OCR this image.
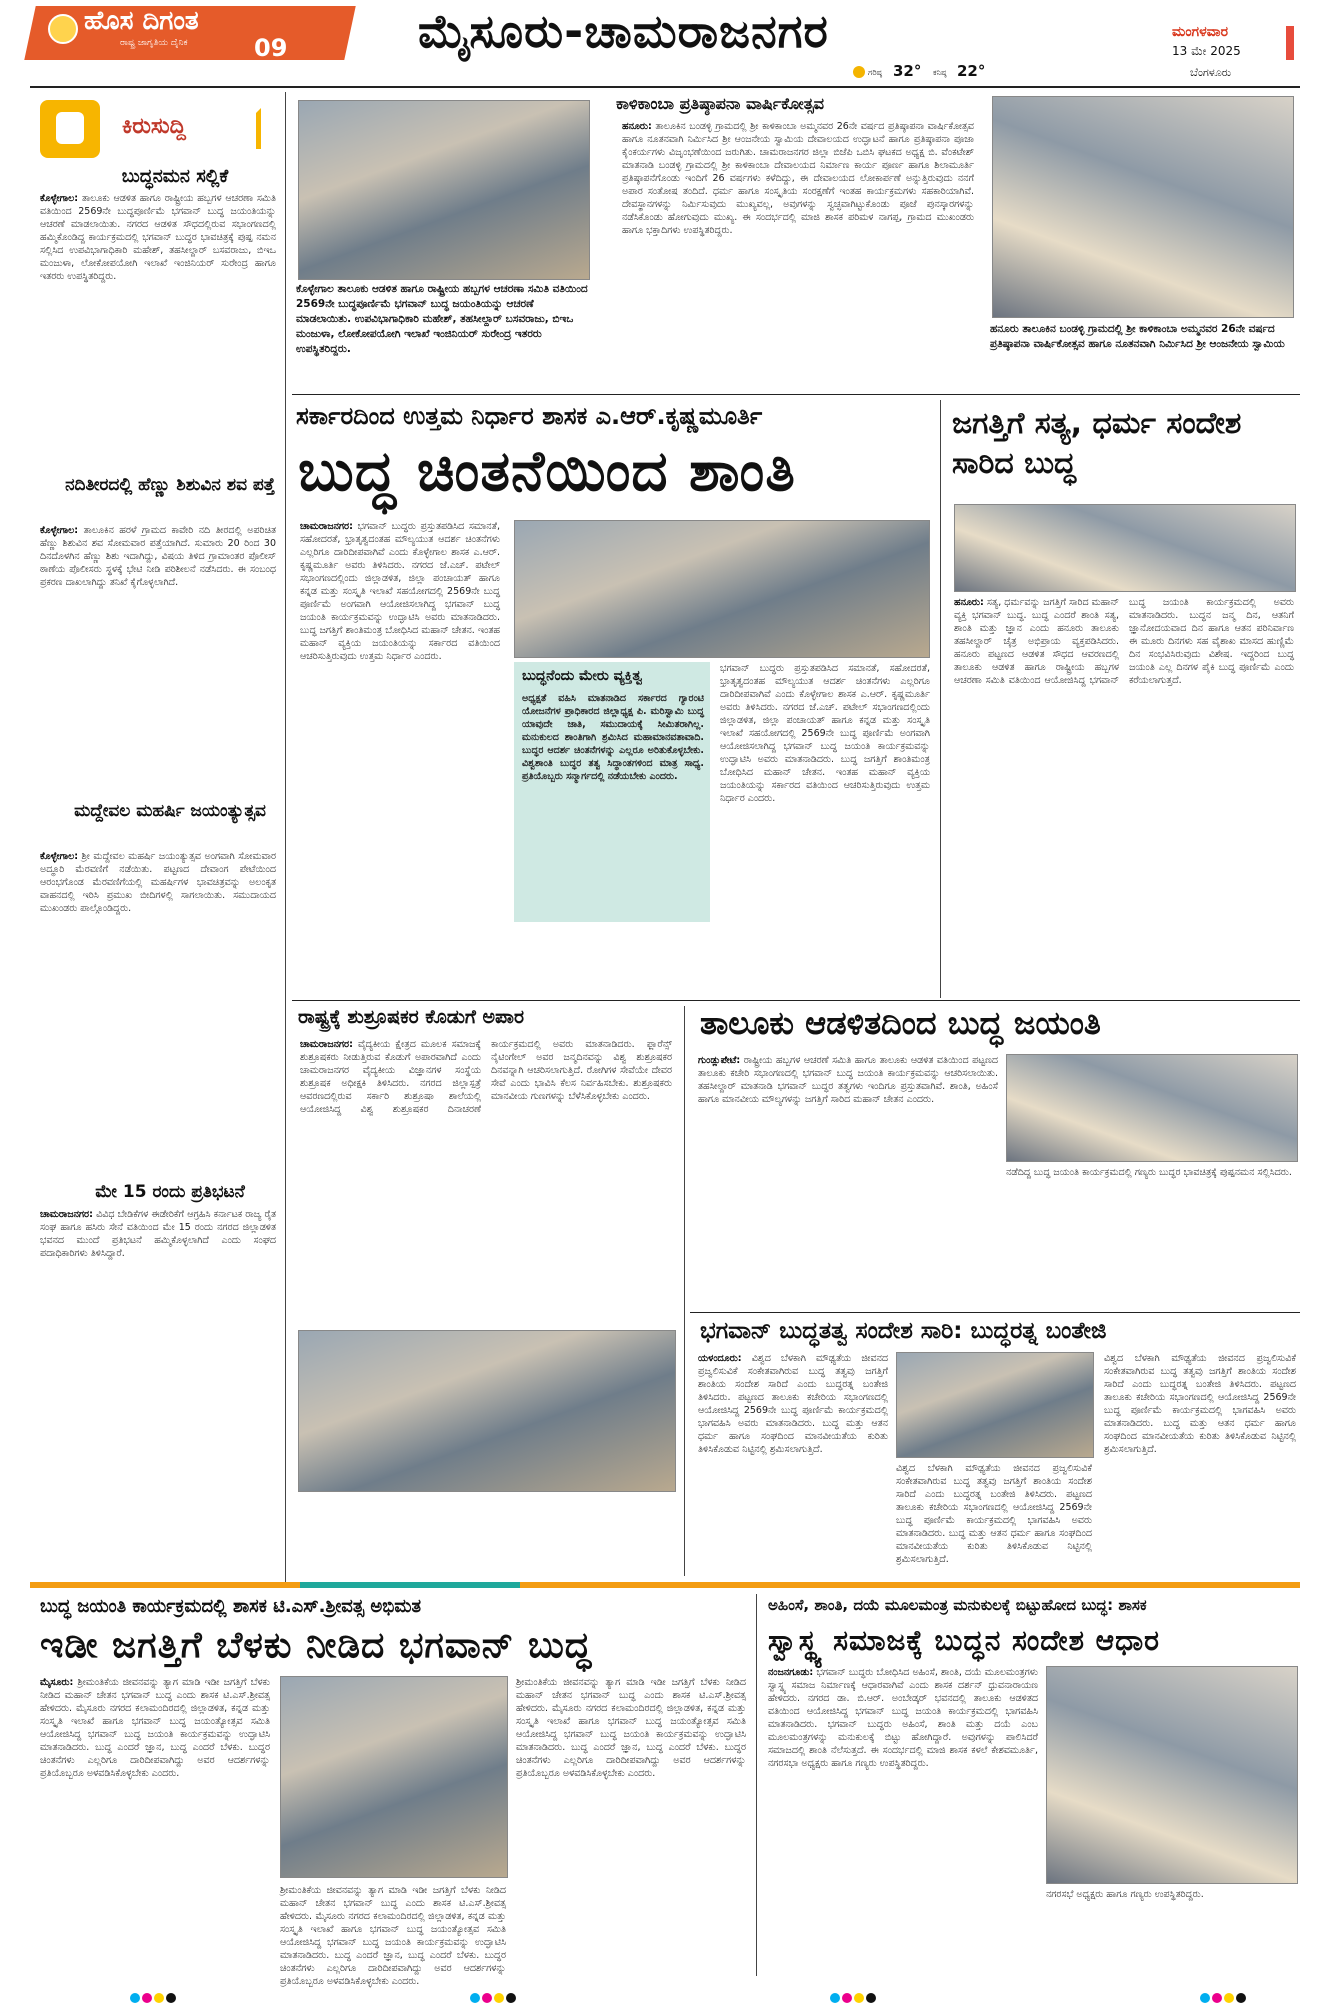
ಹೊಸ ದಿಗಂತ
ರಾಷ್ಟ್ರ ಜಾಗೃತಿಯ ದೈನಿಕ	09	ಮೈಸೂರು-ಚಾಮರಾಜನಗರ
ಗರಿಷ್ಠ 32° ಕನಿಷ್ಠ 22°
ಮಂಗಳವಾರ
13 ಮೇ 2025
ಬೆಂಗಳೂರು
ಕಿರುಸುದ್ದಿ
ಬುದ್ಧನಮನ ಸಲ್ಲಿಕೆ
ಕೊಳ್ಳೇಗಾಲ: ತಾಲೂಕು ಆಡಳಿತ ಹಾಗೂ ರಾಷ್ಟ್ರೀಯ ಹಬ್ಬಗಳ ಆಚರಣಾ ಸಮಿತಿ ವತಿಯಿಂದ 2569ನೇ ಬುದ್ಧಪೂರ್ಣಿಮೆ ಭಗವಾನ್ ಬುದ್ಧ ಜಯಂತಿಯನ್ನು ಆಚರಣೆ ಮಾಡಲಾಯಿತು. ನಗರದ ಆಡಳಿತ ಸೌಧದಲ್ಲಿರುವ ಸಭಾಂಗಣದಲ್ಲಿ ಹಮ್ಮಿಕೊಂಡಿದ್ದ ಕಾರ್ಯಕ್ರಮದಲ್ಲಿ ಭಗವಾನ್ ಬುದ್ಧರ ಭಾವಚಿತ್ರಕ್ಕೆ ಪುಷ್ಪ ನಮನ ಸಲ್ಲಿಸಿದ ಉಪವಿಭಾಗಾಧಿಕಾರಿ ಮಹೇಶ್, ತಹಸೀಲ್ದಾರ್ ಬಸವರಾಜು, ಬಿಇಒ ಮಂಜುಳಾ, ಲೋಕೋಪಯೋಗಿ ಇಲಾಖೆ ಇಂಜಿನಿಯರ್ ಸುರೇಂದ್ರ ಹಾಗೂ ಇತರರು ಉಪಸ್ಥಿತರಿದ್ದರು.
ನದಿತೀರದಲ್ಲಿ ಹೆಣ್ಣು ಶಿಶುವಿನ ಶವ ಪತ್ತೆ
ಕೊಳ್ಳೇಗಾಲ: ತಾಲೂಕಿನ ಹರಳೆ ಗ್ರಾಮದ ಕಾವೇರಿ ನದಿ ತೀರದಲ್ಲಿ ಅಪರಿಚಿತ ಹೆಣ್ಣು ಶಿಶುವಿನ ಶವ ಸೋಮವಾರ ಪತ್ತೆಯಾಗಿದೆ. ಸುಮಾರು 20 ರಿಂದ 30 ದಿನದೊಳಗಿನ ಹೆಣ್ಣು ಶಿಶು ಇದಾಗಿದ್ದು, ವಿಷಯ ತಿಳಿದ ಗ್ರಾಮಾಂತರ ಪೊಲೀಸ್ ಠಾಣೆಯ ಪೊಲೀಸರು ಸ್ಥಳಕ್ಕೆ ಭೇಟಿ ನೀಡಿ ಪರಿಶೀಲನೆ ನಡೆಸಿದರು. ಈ ಸಂಬಂಧ ಪ್ರಕರಣ ದಾಖಲಾಗಿದ್ದು ತನಿಖೆ ಕೈಗೊಳ್ಳಲಾಗಿದೆ.
ಮದ್ದೇವಲ ಮಹರ್ಷಿ ಜಯಂತ್ಯುತ್ಸವ
ಕೊಳ್ಳೇಗಾಲ: ಶ್ರೀ ಮದ್ದೇವಲ ಮಹರ್ಷಿ ಜಯಂತ್ಯುತ್ಸವ ಅಂಗವಾಗಿ ಸೋಮವಾರ ಅದ್ಧೂರಿ ಮೆರವಣಿಗೆ ನಡೆಯಿತು. ಪಟ್ಟಣದ ದೇವಾಂಗ ಪೇಟೆಯಿಂದ ಆರಂಭಗೊಂಡ ಮೆರವಣಿಗೆಯಲ್ಲಿ ಮಹರ್ಷಿಗಳ ಭಾವಚಿತ್ರವನ್ನು ಅಲಂಕೃತ ವಾಹನದಲ್ಲಿ ಇರಿಸಿ ಪ್ರಮುಖ ಬೀದಿಗಳಲ್ಲಿ ಸಾಗಲಾಯಿತು. ಸಮುದಾಯದ ಮುಖಂಡರು ಪಾಲ್ಗೊಂಡಿದ್ದರು.
ಮೇ 15 ರಂದು ಪ್ರತಿಭಟನೆ
ಚಾಮರಾಜನಗರ: ವಿವಿಧ ಬೇಡಿಕೆಗಳ ಈಡೇರಿಕೆಗೆ ಆಗ್ರಹಿಸಿ ಕರ್ನಾಟಕ ರಾಜ್ಯ ರೈತ ಸಂಘ ಹಾಗೂ ಹಸಿರು ಸೇನೆ ವತಿಯಿಂದ ಮೇ 15 ರಂದು ನಗರದ ಜಿಲ್ಲಾಡಳಿತ ಭವನದ ಮುಂದೆ ಪ್ರತಿಭಟನೆ ಹಮ್ಮಿಕೊಳ್ಳಲಾಗಿದೆ ಎಂದು ಸಂಘದ ಪದಾಧಿಕಾರಿಗಳು ತಿಳಿಸಿದ್ದಾರೆ.
ಕೊಳ್ಳೇಗಾಲ ತಾಲೂಕು ಆಡಳಿತ ಹಾಗೂ ರಾಷ್ಟ್ರೀಯ ಹಬ್ಬಗಳ ಆಚರಣಾ ಸಮಿತಿ ವತಿಯಿಂದ 2569ನೇ ಬುದ್ಧಪೂರ್ಣಿಮೆ ಭಗವಾನ್ ಬುದ್ಧ ಜಯಂತಿಯನ್ನು ಆಚರಣೆ ಮಾಡಲಾಯಿತು. ಉಪವಿಭಾಗಾಧಿಕಾರಿ ಮಹೇಶ್, ತಹಸೀಲ್ದಾರ್ ಬಸವರಾಜು, ಬಿಇಒ ಮಂಜುಳಾ, ಲೋಕೋಪಯೋಗಿ ಇಲಾಖೆ ಇಂಜಿನಿಯರ್ ಸುರೇಂದ್ರ ಇತರರು ಉಪಸ್ಥಿತರಿದ್ದರು.
ಕಾಳಿಕಾಂಬಾ ಪ್ರತಿಷ್ಠಾಪನಾ ವಾರ್ಷಿಕೋತ್ಸವ
ಹನೂರು: ತಾಲೂಕಿನ ಬಂಡಳ್ಳಿ ಗ್ರಾಮದಲ್ಲಿ ಶ್ರೀ ಕಾಳಿಕಾಂಬಾ ಅಮ್ಮನವರ 26ನೇ ವರ್ಷದ ಪ್ರತಿಷ್ಠಾಪನಾ ವಾರ್ಷಿಕೋತ್ಸವ ಹಾಗೂ ನೂತನವಾಗಿ ನಿರ್ಮಿಸಿದ ಶ್ರೀ ಆಂಜನೇಯ ಸ್ವಾಮಿಯ ದೇವಾಲಯದ ಉದ್ಘಾಟನೆ ಹಾಗೂ ಪ್ರತಿಷ್ಠಾಪನಾ ಪೂಜಾ ಕೈಂಕರ್ಯಗಳು ವಿಜೃಂಭಣೆಯಿಂದ ಜರುಗಿತು. ಚಾಮರಾಜನಗರ ಜಿಲ್ಲಾ ಬಿಜೆಪಿ ಒಬಿಸಿ ಘಟಕದ ಅಧ್ಯಕ್ಷ ಬಿ. ವೆಂಕಟೇಶ್ ಮಾತನಾಡಿ ಬಂಡಳ್ಳಿ ಗ್ರಾಮದಲ್ಲಿ ಶ್ರೀ ಕಾಳಿಕಾಂಬಾ ದೇವಾಲಯದ ನಿರ್ಮಾಣ ಕಾರ್ಯ ಪೂರ್ಣ ಹಾಗೂ ಶಿಲಾಮೂರ್ತಿ ಪ್ರತಿಷ್ಠಾಪನೆಗೊಂಡು ಇಂದಿಗೆ 26 ವರ್ಷಗಳು ಕಳೆದಿದ್ದು, ಈ ದೇವಾಲಯದ ಲೋಕಾರ್ಪಣೆ ಅನ್ನುತ್ತಿರುವುದು ನನಗೆ ಅಪಾರ ಸಂತೋಷ ತಂದಿದೆ. ಧರ್ಮ ಹಾಗೂ ಸಂಸ್ಕೃತಿಯ ಸಂರಕ್ಷಣೆಗೆ ಇಂತಹ ಕಾರ್ಯಕ್ರಮಗಳು ಸಹಕಾರಿಯಾಗಿವೆ. ದೇವಸ್ಥಾನಗಳನ್ನು ನಿರ್ಮಿಸುವುದು ಮುಖ್ಯವಲ್ಲ, ಅವುಗಳನ್ನು ಸ್ವಚ್ಛವಾಗಿಟ್ಟುಕೊಂಡು ಪೂಜೆ ಪುನಸ್ಕಾರಗಳನ್ನು ನಡೆಸಿಕೊಂಡು ಹೋಗುವುದು ಮುಖ್ಯ. ಈ ಸಂದರ್ಭದಲ್ಲಿ ಮಾಜಿ ಶಾಸಕ ಪರಿಮಳ ನಾಗಪ್ಪ, ಗ್ರಾಮದ ಮುಖಂಡರು ಹಾಗೂ ಭಕ್ತಾದಿಗಳು ಉಪಸ್ಥಿತರಿದ್ದರು.
ಹನೂರು ತಾಲೂಕಿನ ಬಂಡಳ್ಳಿ ಗ್ರಾಮದಲ್ಲಿ ಶ್ರೀ ಕಾಳಿಕಾಂಬಾ ಅಮ್ಮನವರ 26ನೇ ವರ್ಷದ ಪ್ರತಿಷ್ಠಾಪನಾ ವಾರ್ಷಿಕೋತ್ಸವ ಹಾಗೂ ನೂತನವಾಗಿ ನಿರ್ಮಿಸಿದ ಶ್ರೀ ಆಂಜನೇಯ ಸ್ವಾಮಿಯ
ಸರ್ಕಾರದಿಂದ ಉತ್ತಮ ನಿರ್ಧಾರ ಶಾಸಕ ಎ.ಆರ್.ಕೃಷ್ಣಮೂರ್ತಿ
ಬುದ್ಧ ಚಿಂತನೆಯಿಂದ ಶಾಂತಿ
ಚಾಮರಾಜನಗರ: ಭಗವಾನ್ ಬುದ್ಧರು ಪ್ರಸ್ತುತಪಡಿಸಿದ ಸಮಾನತೆ, ಸಹೋದರತೆ, ಭ್ರಾತೃತ್ವದಂತಹ ಮೌಲ್ಯಯುತ ಆದರ್ಶ ಚಿಂತನೆಗಳು ಎಲ್ಲರಿಗೂ ದಾರಿದೀಪವಾಗಿವೆ ಎಂದು ಕೊಳ್ಳೇಗಾಲ ಶಾಸಕ ಎ.ಆರ್. ಕೃಷ್ಣಮೂರ್ತಿ ಅವರು ತಿಳಿಸಿದರು. ನಗರದ ಜೆ.ಎಚ್. ಪಟೇಲ್ ಸಭಾಂಗಣದಲ್ಲಿಂದು ಜಿಲ್ಲಾಡಳಿತ, ಜಿಲ್ಲಾ ಪಂಚಾಯತ್ ಹಾಗೂ ಕನ್ನಡ ಮತ್ತು ಸಂಸ್ಕೃತಿ ಇಲಾಖೆ ಸಹಯೋಗದಲ್ಲಿ 2569ನೇ ಬುದ್ಧ ಪೂರ್ಣಿಮೆ ಅಂಗವಾಗಿ ಆಯೋಜಿಸಲಾಗಿದ್ದ ಭಗವಾನ್ ಬುದ್ಧ ಜಯಂತಿ ಕಾರ್ಯಕ್ರಮವನ್ನು ಉದ್ಘಾಟಿಸಿ ಅವರು ಮಾತನಾಡಿದರು. ಬುದ್ಧ ಜಗತ್ತಿಗೆ ಶಾಂತಿಮಂತ್ರ ಬೋಧಿಸಿದ ಮಹಾನ್ ಚೇತನ. ಇಂತಹ ಮಹಾನ್ ವ್ಯಕ್ತಿಯ ಜಯಂತಿಯನ್ನು ಸರ್ಕಾರದ ವತಿಯಿಂದ ಆಚರಿಸುತ್ತಿರುವುದು ಉತ್ತಮ ನಿರ್ಧಾರ ಎಂದರು.
ಬುದ್ಧನೆಂದು ಮೇರು ವ್ಯಕ್ತಿತ್ವ
ಅಧ್ಯಕ್ಷತೆ ವಹಿಸಿ ಮಾತನಾಡಿದ ಸರ್ಕಾರದ ಗ್ಯಾರಂಟಿ ಯೋಜನೆಗಳ ಪ್ರಾಧಿಕಾರದ ಜಿಲ್ಲಾಧ್ಯಕ್ಷ ಪಿ. ಮರಿಸ್ವಾಮಿ ಬುದ್ಧ ಯಾವುದೇ ಜಾತಿ, ಸಮುದಾಯಕ್ಕೆ ಸೀಮಿತರಾಗಿಲ್ಲ. ಮನುಕುಲದ ಶಾಂತಿಗಾಗಿ ಶ್ರಮಿಸಿದ ಮಹಾಮಾನವತಾವಾದಿ. ಬುದ್ಧರ ಆದರ್ಶ ಚಿಂತನೆಗಳನ್ನು ಎಲ್ಲರೂ ಅರಿತುಕೊಳ್ಳಬೇಕು. ವಿಶ್ವಶಾಂತಿ ಬುದ್ಧರ ತತ್ವ ಸಿದ್ಧಾಂತಗಳಿಂದ ಮಾತ್ರ ಸಾಧ್ಯ. ಪ್ರತಿಯೊಬ್ಬರು ಸನ್ಮಾರ್ಗದಲ್ಲಿ ನಡೆಯಬೇಕು ಎಂದರು.
ಭಗವಾನ್ ಬುದ್ಧರು ಪ್ರಸ್ತುತಪಡಿಸಿದ ಸಮಾನತೆ, ಸಹೋದರತೆ, ಭ್ರಾತೃತ್ವದಂತಹ ಮೌಲ್ಯಯುತ ಆದರ್ಶ ಚಿಂತನೆಗಳು ಎಲ್ಲರಿಗೂ ದಾರಿದೀಪವಾಗಿವೆ ಎಂದು ಕೊಳ್ಳೇಗಾಲ ಶಾಸಕ ಎ.ಆರ್. ಕೃಷ್ಣಮೂರ್ತಿ ಅವರು ತಿಳಿಸಿದರು. ನಗರದ ಜೆ.ಎಚ್. ಪಟೇಲ್ ಸಭಾಂಗಣದಲ್ಲಿಂದು ಜಿಲ್ಲಾಡಳಿತ, ಜಿಲ್ಲಾ ಪಂಚಾಯತ್ ಹಾಗೂ ಕನ್ನಡ ಮತ್ತು ಸಂಸ್ಕೃತಿ ಇಲಾಖೆ ಸಹಯೋಗದಲ್ಲಿ 2569ನೇ ಬುದ್ಧ ಪೂರ್ಣಿಮೆ ಅಂಗವಾಗಿ ಆಯೋಜಿಸಲಾಗಿದ್ದ ಭಗವಾನ್ ಬುದ್ಧ ಜಯಂತಿ ಕಾರ್ಯಕ್ರಮವನ್ನು ಉದ್ಘಾಟಿಸಿ ಅವರು ಮಾತನಾಡಿದರು. ಬುದ್ಧ ಜಗತ್ತಿಗೆ ಶಾಂತಿಮಂತ್ರ ಬೋಧಿಸಿದ ಮಹಾನ್ ಚೇತನ. ಇಂತಹ ಮಹಾನ್ ವ್ಯಕ್ತಿಯ ಜಯಂತಿಯನ್ನು ಸರ್ಕಾರದ ವತಿಯಿಂದ ಆಚರಿಸುತ್ತಿರುವುದು ಉತ್ತಮ ನಿರ್ಧಾರ ಎಂದರು.
ಜಗತ್ತಿಗೆ ಸತ್ಯ, ಧರ್ಮ ಸಂದೇಶ ಸಾರಿದ ಬುದ್ಧ
ಹನೂರು: ಸತ್ಯ, ಧರ್ಮವನ್ನು ಜಗತ್ತಿಗೆ ಸಾರಿದ ಮಹಾನ್ ವ್ಯಕ್ತಿ ಭಗವಾನ್ ಬುದ್ಧ. ಬುದ್ಧ ಎಂದರೆ ಶಾಂತಿ ಸತ್ಯ, ಶಾಂತಿ ಮತ್ತು ಜ್ಞಾನ ಎಂದು ಹನೂರು ತಾಲೂಕು ತಹಸೀಲ್ದಾರ್ ಚೈತ್ರ ಅಭಿಪ್ರಾಯ ವ್ಯಕ್ತಪಡಿಸಿದರು. ಹನೂರು ಪಟ್ಟಣದ ಆಡಳಿತ ಸೌಧದ ಆವರಣದಲ್ಲಿ ತಾಲೂಕು ಆಡಳಿತ ಹಾಗೂ ರಾಷ್ಟ್ರೀಯ ಹಬ್ಬಗಳ ಆಚರಣಾ ಸಮಿತಿ ವತಿಯಿಂದ ಆಯೋಜಿಸಿದ್ದ ಭಗವಾನ್ ಬುದ್ಧ ಜಯಂತಿ ಕಾರ್ಯಕ್ರಮದಲ್ಲಿ ಅವರು ಮಾತನಾಡಿದರು. ಬುದ್ಧನ ಜನ್ಮ ದಿನ, ಆತನಿಗೆ ಜ್ಞಾನೋದಯವಾದ ದಿನ ಹಾಗೂ ಆತನ ಪರಿನಿರ್ವಾಣ ಈ ಮೂರು ದಿನಗಳು ಸಹ ವೈಶಾಖ ಮಾಸದ ಹುಣ್ಣಿಮೆ ದಿನ ಸಂಭವಿಸಿರುವುದು ವಿಶೇಷ. ಇದ್ದರಿಂದ ಬುದ್ಧ ಜಯಂತಿ ಎಲ್ಲ ದಿನಗಳ ಪೈಕಿ ಬುದ್ಧ ಪೂರ್ಣಿಮೆ ಎಂದು ಕರೆಯಲಾಗುತ್ತದೆ.
ರಾಷ್ಟ್ರಕ್ಕೆ ಶುಶ್ರೂಷಕರ ಕೊಡುಗೆ ಅಪಾರ
ಚಾಮರಾಜನಗರ: ವೈದ್ಯಕೀಯ ಕ್ಷೇತ್ರದ ಮೂಲಕ ಸಮಾಜಕ್ಕೆ ಶುಶ್ರೂಷಕರು ನೀಡುತ್ತಿರುವ ಕೊಡುಗೆ ಅಪಾರವಾಗಿದೆ ಎಂದು ಚಾಮರಾಜನಗರ ವೈದ್ಯಕೀಯ ವಿಜ್ಞಾನಗಳ ಸಂಸ್ಥೆಯ ಶುಶ್ರೂಷಕ ಅಧೀಕ್ಷಕಿ ತಿಳಿಸಿದರು. ನಗರದ ಜಿಲ್ಲಾಸ್ಪತ್ರೆ ಆವರಣದಲ್ಲಿರುವ ಸರ್ಕಾರಿ ಶುಶ್ರೂಷಾ ಶಾಲೆಯಲ್ಲಿ ಆಯೋಜಿಸಿದ್ದ ವಿಶ್ವ ಶುಶ್ರೂಷಕರ ದಿನಾಚರಣೆ ಕಾರ್ಯಕ್ರಮದಲ್ಲಿ ಅವರು ಮಾತನಾಡಿದರು. ಫ್ಲಾರೆನ್ಸ್ ನೈಟಿಂಗೇಲ್ ಅವರ ಜನ್ಮದಿನವನ್ನು ವಿಶ್ವ ಶುಶ್ರೂಷಕರ ದಿನವನ್ನಾಗಿ ಆಚರಿಸಲಾಗುತ್ತಿದೆ. ರೋಗಿಗಳ ಸೇವೆಯೇ ದೇವರ ಸೇವೆ ಎಂದು ಭಾವಿಸಿ ಕೆಲಸ ನಿರ್ವಹಿಸಬೇಕು. ಶುಶ್ರೂಷಕರು ಮಾನವೀಯ ಗುಣಗಳನ್ನು ಬೆಳೆಸಿಕೊಳ್ಳಬೇಕು ಎಂದರು.
ತಾಲೂಕು ಆಡಳಿತದಿಂದ ಬುದ್ಧ ಜಯಂತಿ
ಗುಂಡ್ಲುಪೇಟೆ: ರಾಷ್ಟ್ರೀಯ ಹಬ್ಬಗಳ ಆಚರಣೆ ಸಮಿತಿ ಹಾಗೂ ತಾಲೂಕು ಆಡಳಿತ ವತಿಯಿಂದ ಪಟ್ಟಣದ ತಾಲೂಕು ಕಚೇರಿ ಸಭಾಂಗಣದಲ್ಲಿ ಭಗವಾನ್ ಬುದ್ಧ ಜಯಂತಿ ಕಾರ್ಯಕ್ರಮವನ್ನು ಆಚರಿಸಲಾಯಿತು. ತಹಸೀಲ್ದಾರ್ ಮಾತನಾಡಿ ಭಗವಾನ್ ಬುದ್ಧರ ತತ್ವಗಳು ಇಂದಿಗೂ ಪ್ರಸ್ತುತವಾಗಿವೆ. ಶಾಂತಿ, ಅಹಿಂಸೆ ಹಾಗೂ ಮಾನವೀಯ ಮೌಲ್ಯಗಳನ್ನು ಜಗತ್ತಿಗೆ ಸಾರಿದ ಮಹಾನ್ ಚೇತನ ಎಂದರು.
ನಡೆದಿದ್ದ ಬುದ್ಧ ಜಯಂತಿ ಕಾರ್ಯಕ್ರಮದಲ್ಲಿ ಗಣ್ಯರು ಬುದ್ಧರ ಭಾವಚಿತ್ರಕ್ಕೆ ಪುಷ್ಪನಮನ ಸಲ್ಲಿಸಿದರು.
ಭಗವಾನ್ ಬುದ್ಧತತ್ವ ಸಂದೇಶ ಸಾರಿ: ಬುದ್ಧರತ್ನ ಬಂತೇಜಿ
ಯಳಂದೂರು: ವಿಶ್ವದ ಬೆಳಕಾಗಿ ಮೌಢ್ಯತೆಯ ಜೀವನದ ಪ್ರಜ್ವಲಿಸುವಿಕೆ ಸಂಕೇತವಾಗಿರುವ ಬುದ್ಧ ತತ್ವವು ಜಗತ್ತಿಗೆ ಶಾಂತಿಯ ಸಂದೇಶ ಸಾರಿದೆ ಎಂದು ಬುದ್ಧರತ್ನ ಬಂತೇಜಿ ತಿಳಿಸಿದರು. ಪಟ್ಟಣದ ತಾಲೂಕು ಕಚೇರಿಯ ಸಭಾಂಗಣದಲ್ಲಿ ಆಯೋಜಿಸಿದ್ದ 2569ನೇ ಬುದ್ಧ ಪೂರ್ಣಿಮೆ ಕಾರ್ಯಕ್ರಮದಲ್ಲಿ ಭಾಗವಹಿಸಿ ಅವರು ಮಾತನಾಡಿದರು. ಬುದ್ಧ ಮತ್ತು ಆತನ ಧರ್ಮ ಹಾಗೂ ಸಂಘದಿಂದ ಮಾನವೀಯತೆಯ ಕುರಿತು ತಿಳಿಸಿಕೊಡುವ ನಿಟ್ಟಿನಲ್ಲಿ ಶ್ರಮಿಸಲಾಗುತ್ತಿದೆ.
ವಿಶ್ವದ ಬೆಳಕಾಗಿ ಮೌಢ್ಯತೆಯ ಜೀವನದ ಪ್ರಜ್ವಲಿಸುವಿಕೆ ಸಂಕೇತವಾಗಿರುವ ಬುದ್ಧ ತತ್ವವು ಜಗತ್ತಿಗೆ ಶಾಂತಿಯ ಸಂದೇಶ ಸಾರಿದೆ ಎಂದು ಬುದ್ಧರತ್ನ ಬಂತೇಜಿ ತಿಳಿಸಿದರು. ಪಟ್ಟಣದ ತಾಲೂಕು ಕಚೇರಿಯ ಸಭಾಂಗಣದಲ್ಲಿ ಆಯೋಜಿಸಿದ್ದ 2569ನೇ ಬುದ್ಧ ಪೂರ್ಣಿಮೆ ಕಾರ್ಯಕ್ರಮದಲ್ಲಿ ಭಾಗವಹಿಸಿ ಅವರು ಮಾತನಾಡಿದರು. ಬುದ್ಧ ಮತ್ತು ಆತನ ಧರ್ಮ ಹಾಗೂ ಸಂಘದಿಂದ ಮಾನವೀಯತೆಯ ಕುರಿತು ತಿಳಿಸಿಕೊಡುವ ನಿಟ್ಟಿನಲ್ಲಿ ಶ್ರಮಿಸಲಾಗುತ್ತಿದೆ.
ವಿಶ್ವದ ಬೆಳಕಾಗಿ ಮೌಢ್ಯತೆಯ ಜೀವನದ ಪ್ರಜ್ವಲಿಸುವಿಕೆ ಸಂಕೇತವಾಗಿರುವ ಬುದ್ಧ ತತ್ವವು ಜಗತ್ತಿಗೆ ಶಾಂತಿಯ ಸಂದೇಶ ಸಾರಿದೆ ಎಂದು ಬುದ್ಧರತ್ನ ಬಂತೇಜಿ ತಿಳಿಸಿದರು. ಪಟ್ಟಣದ ತಾಲೂಕು ಕಚೇರಿಯ ಸಭಾಂಗಣದಲ್ಲಿ ಆಯೋಜಿಸಿದ್ದ 2569ನೇ ಬುದ್ಧ ಪೂರ್ಣಿಮೆ ಕಾರ್ಯಕ್ರಮದಲ್ಲಿ ಭಾಗವಹಿಸಿ ಅವರು ಮಾತನಾಡಿದರು. ಬುದ್ಧ ಮತ್ತು ಆತನ ಧರ್ಮ ಹಾಗೂ ಸಂಘದಿಂದ ಮಾನವೀಯತೆಯ ಕುರಿತು ತಿಳಿಸಿಕೊಡುವ ನಿಟ್ಟಿನಲ್ಲಿ ಶ್ರಮಿಸಲಾಗುತ್ತಿದೆ.
ಬುದ್ಧ ಜಯಂತಿ ಕಾರ್ಯಕ್ರಮದಲ್ಲಿ ಶಾಸಕ ಟಿ.ಎಸ್.ಶ್ರೀವತ್ಸ ಅಭಿಮತ
ಇಡೀ ಜಗತ್ತಿಗೆ ಬೆಳಕು ನೀಡಿದ ಭಗವಾನ್ ಬುದ್ಧ
ಮೈಸೂರು: ಶ್ರೀಮಂತಿಕೆಯ ಜೀವನವನ್ನು ತ್ಯಾಗ ಮಾಡಿ ಇಡೀ ಜಗತ್ತಿಗೆ ಬೆಳಕು ನೀಡಿದ ಮಹಾನ್ ಚೇತನ ಭಗವಾನ್ ಬುದ್ಧ ಎಂದು ಶಾಸಕ ಟಿ.ಎಸ್.ಶ್ರೀವತ್ಸ ಹೇಳಿದರು. ಮೈಸೂರು ನಗರದ ಕಲಾಮಂದಿರದಲ್ಲಿ ಜಿಲ್ಲಾಡಳಿತ, ಕನ್ನಡ ಮತ್ತು ಸಂಸ್ಕೃತಿ ಇಲಾಖೆ ಹಾಗೂ ಭಗವಾನ್ ಬುದ್ಧ ಜಯಂತ್ಯೋತ್ಸವ ಸಮಿತಿ ಆಯೋಜಿಸಿದ್ದ ಭಗವಾನ್ ಬುದ್ಧ ಜಯಂತಿ ಕಾರ್ಯಕ್ರಮವನ್ನು ಉದ್ಘಾಟಿಸಿ ಮಾತನಾಡಿದರು. ಬುದ್ಧ ಎಂದರೆ ಜ್ಞಾನ, ಬುದ್ಧ ಎಂದರೆ ಬೆಳಕು. ಬುದ್ಧರ ಚಿಂತನೆಗಳು ಎಲ್ಲರಿಗೂ ದಾರಿದೀಪವಾಗಿದ್ದು ಅವರ ಆದರ್ಶಗಳನ್ನು ಪ್ರತಿಯೊಬ್ಬರೂ ಅಳವಡಿಸಿಕೊಳ್ಳಬೇಕು ಎಂದರು.
ಶ್ರೀಮಂತಿಕೆಯ ಜೀವನವನ್ನು ತ್ಯಾಗ ಮಾಡಿ ಇಡೀ ಜಗತ್ತಿಗೆ ಬೆಳಕು ನೀಡಿದ ಮಹಾನ್ ಚೇತನ ಭಗವಾನ್ ಬುದ್ಧ ಎಂದು ಶಾಸಕ ಟಿ.ಎಸ್.ಶ್ರೀವತ್ಸ ಹೇಳಿದರು. ಮೈಸೂರು ನಗರದ ಕಲಾಮಂದಿರದಲ್ಲಿ ಜಿಲ್ಲಾಡಳಿತ, ಕನ್ನಡ ಮತ್ತು ಸಂಸ್ಕೃತಿ ಇಲಾಖೆ ಹಾಗೂ ಭಗವಾನ್ ಬುದ್ಧ ಜಯಂತ್ಯೋತ್ಸವ ಸಮಿತಿ ಆಯೋಜಿಸಿದ್ದ ಭಗವಾನ್ ಬುದ್ಧ ಜಯಂತಿ ಕಾರ್ಯಕ್ರಮವನ್ನು ಉದ್ಘಾಟಿಸಿ ಮಾತನಾಡಿದರು. ಬುದ್ಧ ಎಂದರೆ ಜ್ಞಾನ, ಬುದ್ಧ ಎಂದರೆ ಬೆಳಕು. ಬುದ್ಧರ ಚಿಂತನೆಗಳು ಎಲ್ಲರಿಗೂ ದಾರಿದೀಪವಾಗಿದ್ದು ಅವರ ಆದರ್ಶಗಳನ್ನು ಪ್ರತಿಯೊಬ್ಬರೂ ಅಳವಡಿಸಿಕೊಳ್ಳಬೇಕು ಎಂದರು.
ಶ್ರೀಮಂತಿಕೆಯ ಜೀವನವನ್ನು ತ್ಯಾಗ ಮಾಡಿ ಇಡೀ ಜಗತ್ತಿಗೆ ಬೆಳಕು ನೀಡಿದ ಮಹಾನ್ ಚೇತನ ಭಗವಾನ್ ಬುದ್ಧ ಎಂದು ಶಾಸಕ ಟಿ.ಎಸ್.ಶ್ರೀವತ್ಸ ಹೇಳಿದರು. ಮೈಸೂರು ನಗರದ ಕಲಾಮಂದಿರದಲ್ಲಿ ಜಿಲ್ಲಾಡಳಿತ, ಕನ್ನಡ ಮತ್ತು ಸಂಸ್ಕೃತಿ ಇಲಾಖೆ ಹಾಗೂ ಭಗವಾನ್ ಬುದ್ಧ ಜಯಂತ್ಯೋತ್ಸವ ಸಮಿತಿ ಆಯೋಜಿಸಿದ್ದ ಭಗವಾನ್ ಬುದ್ಧ ಜಯಂತಿ ಕಾರ್ಯಕ್ರಮವನ್ನು ಉದ್ಘಾಟಿಸಿ ಮಾತನಾಡಿದರು. ಬುದ್ಧ ಎಂದರೆ ಜ್ಞಾನ, ಬುದ್ಧ ಎಂದರೆ ಬೆಳಕು. ಬುದ್ಧರ ಚಿಂತನೆಗಳು ಎಲ್ಲರಿಗೂ ದಾರಿದೀಪವಾಗಿದ್ದು ಅವರ ಆದರ್ಶಗಳನ್ನು ಪ್ರತಿಯೊಬ್ಬರೂ ಅಳವಡಿಸಿಕೊಳ್ಳಬೇಕು ಎಂದರು.
ಅಹಿಂಸೆ, ಶಾಂತಿ, ದಯೆ ಮೂಲಮಂತ್ರ ಮನುಕುಲಕ್ಕೆ ಬಿಟ್ಟುಹೋದ ಬುದ್ಧ: ಶಾಸಕ
ಸ್ವಾಸ್ಥ್ಯ ಸಮಾಜಕ್ಕೆ ಬುದ್ಧನ ಸಂದೇಶ ಆಧಾರ
ನಂಜನಗೂಡು: ಭಗವಾನ್ ಬುದ್ಧರು ಬೋಧಿಸಿದ ಅಹಿಂಸೆ, ಶಾಂತಿ, ದಯೆ ಮೂಲಮಂತ್ರಗಳು ಸ್ವಾಸ್ಥ್ಯ ಸಮಾಜ ನಿರ್ಮಾಣಕ್ಕೆ ಆಧಾರವಾಗಿವೆ ಎಂದು ಶಾಸಕ ದರ್ಶನ್ ಧ್ರುವನಾರಾಯಣ ಹೇಳಿದರು. ನಗರದ ಡಾ. ಬಿ.ಆರ್. ಅಂಬೇಡ್ಕರ್ ಭವನದಲ್ಲಿ ತಾಲೂಕು ಆಡಳಿತದ ವತಿಯಿಂದ ಆಯೋಜಿಸಿದ್ದ ಭಗವಾನ್ ಬುದ್ಧ ಜಯಂತಿ ಕಾರ್ಯಕ್ರಮದಲ್ಲಿ ಭಾಗವಹಿಸಿ ಮಾತನಾಡಿದರು. ಭಗವಾನ್ ಬುದ್ಧರು ಅಹಿಂಸೆ, ಶಾಂತಿ ಮತ್ತು ದಯೆ ಎಂಬ ಮೂಲಮಂತ್ರಗಳನ್ನು ಮನುಕುಲಕ್ಕೆ ಬಿಟ್ಟು ಹೋಗಿದ್ದಾರೆ. ಅವುಗಳನ್ನು ಪಾಲಿಸಿದರೆ ಸಮಾಜದಲ್ಲಿ ಶಾಂತಿ ನೆಲೆಸುತ್ತದೆ. ಈ ಸಂದರ್ಭದಲ್ಲಿ ಮಾಜಿ ಶಾಸಕ ಕಳಲೆ ಕೇಶವಮೂರ್ತಿ, ನಗರಸಭಾ ಅಧ್ಯಕ್ಷರು ಹಾಗೂ ಗಣ್ಯರು ಉಪಸ್ಥಿತರಿದ್ದರು.
ನಗರಸಭೆ ಅಧ್ಯಕ್ಷರು ಹಾಗೂ ಗಣ್ಯರು ಉಪಸ್ಥಿತರಿದ್ದರು.
